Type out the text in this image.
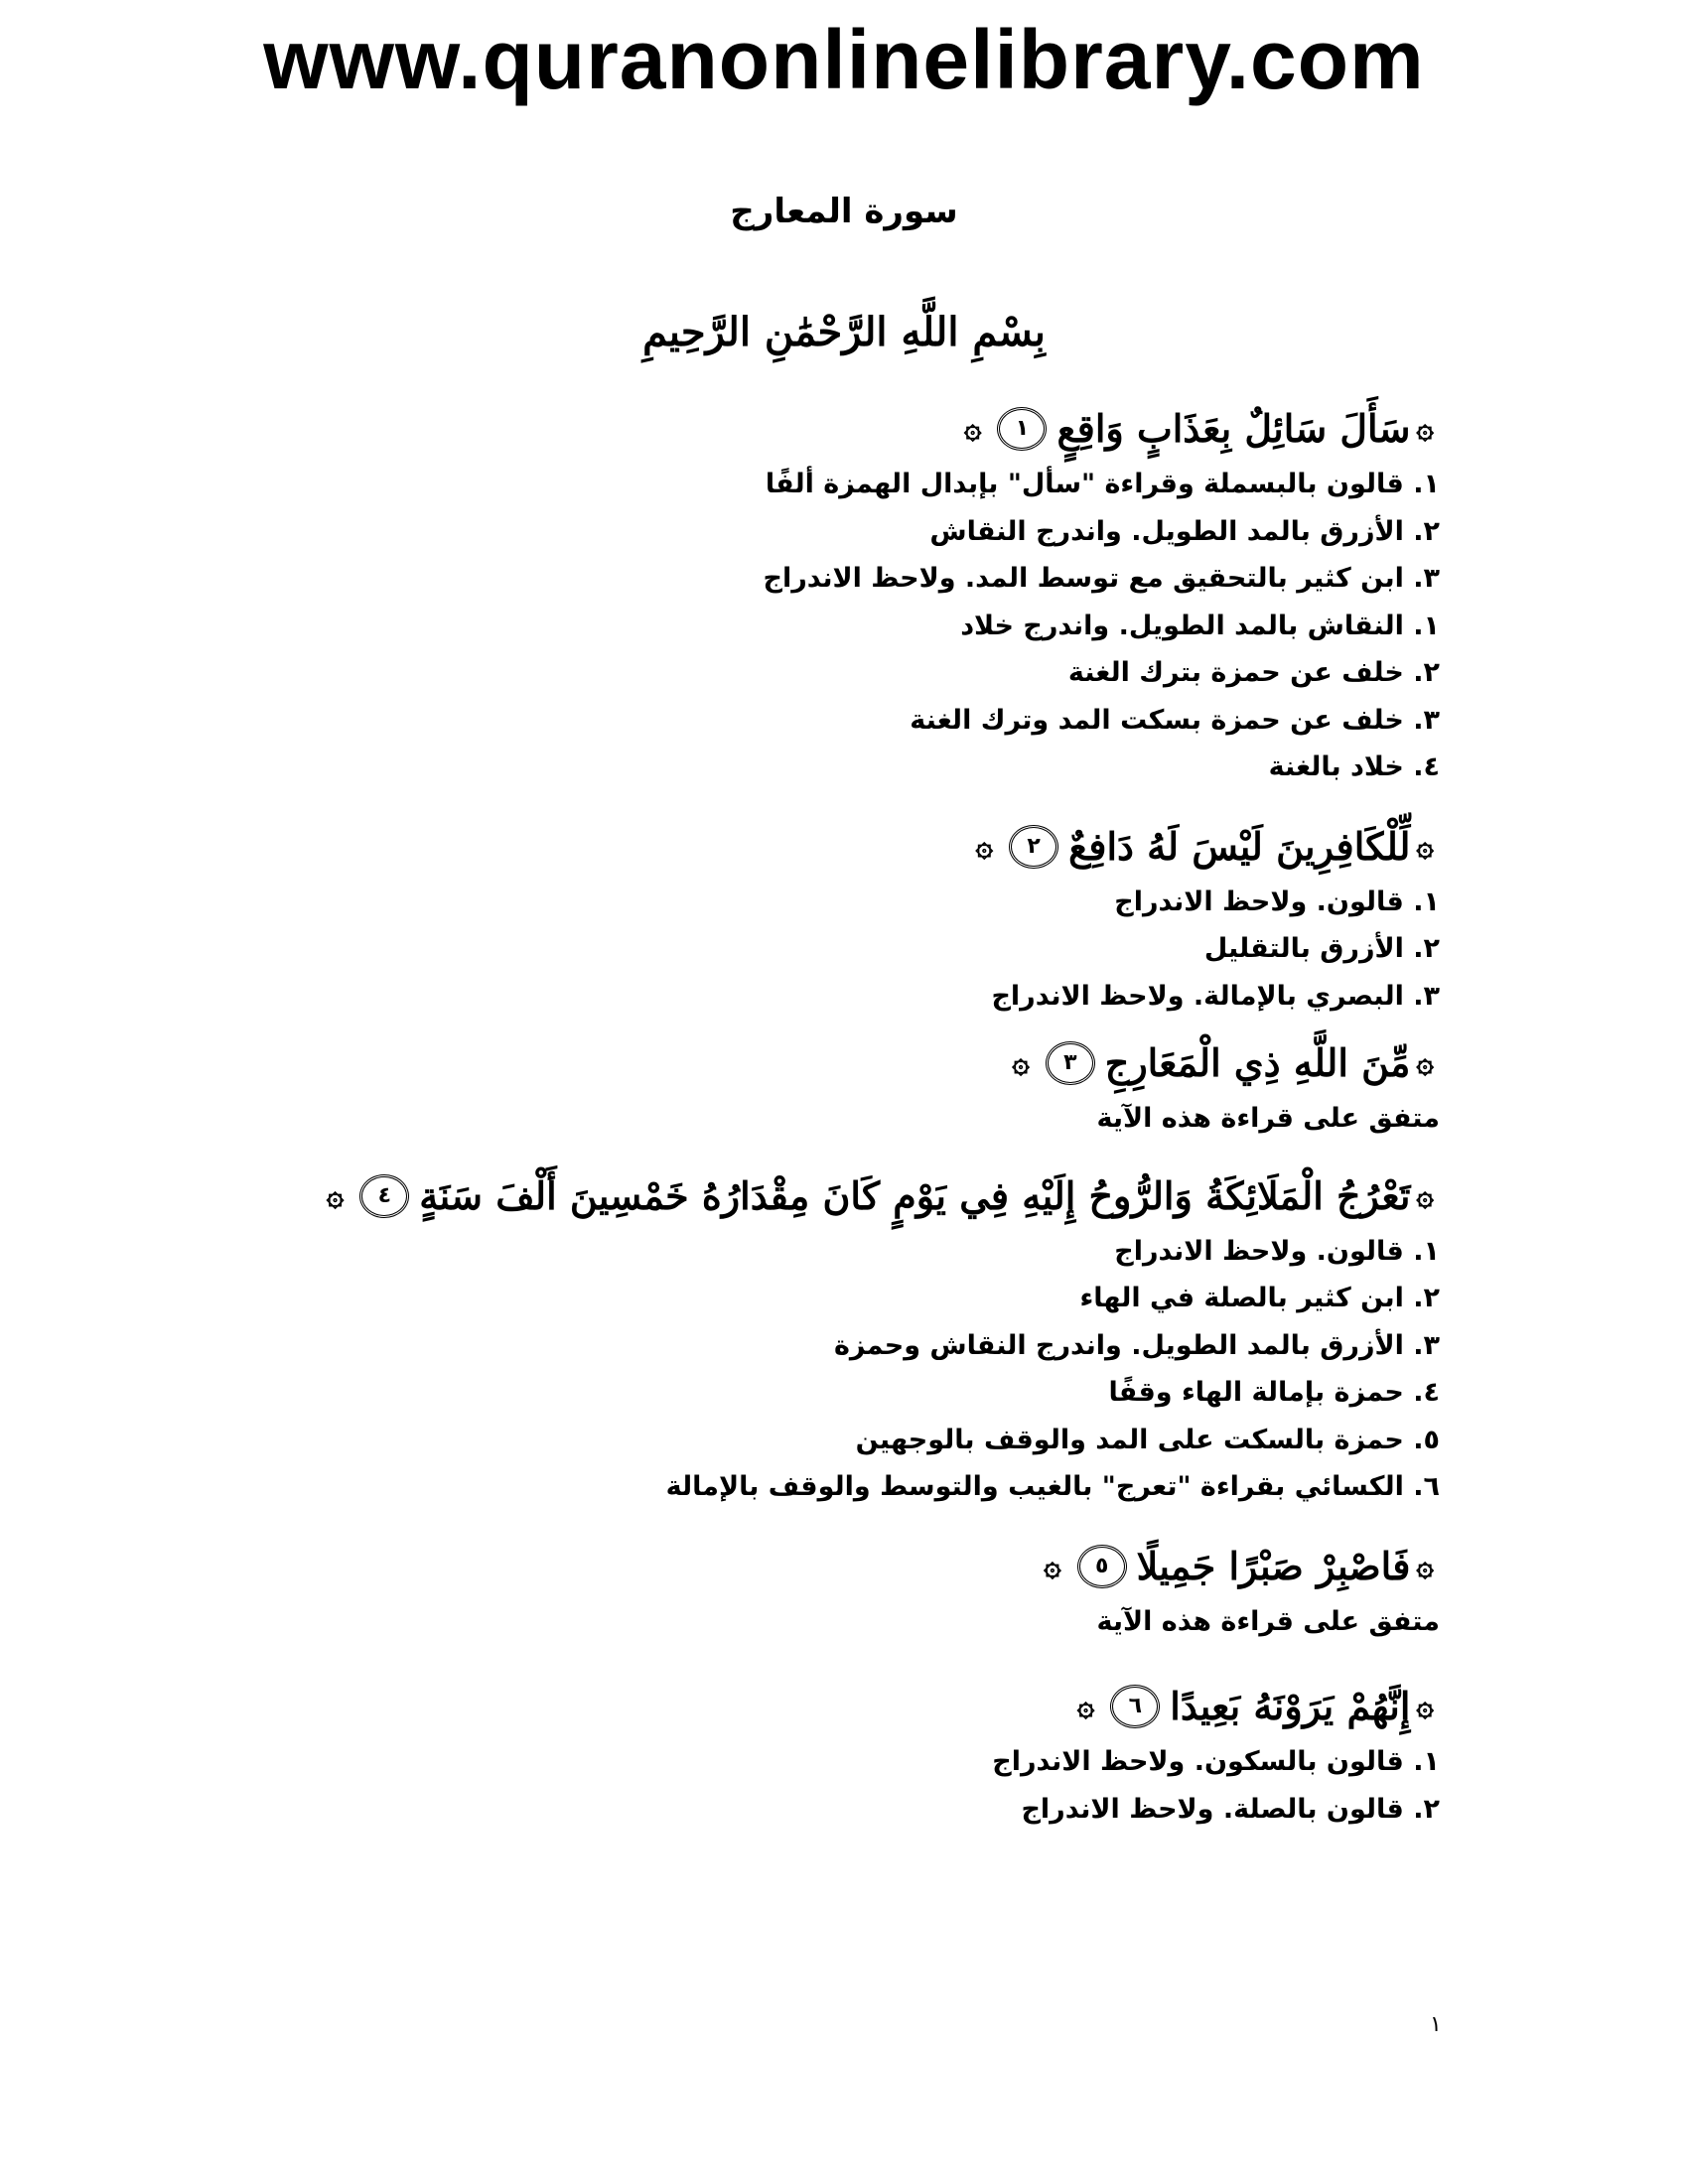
www.quranonlinelibrary.com
سورة المعارج
بِسْمِ اللَّهِ الرَّحْمَٰنِ الرَّحِيمِ
۞
سَأَلَ سَائِلٌ بِعَذَابٍ وَاقِعٍ
١
۞
١. قالون بالبسملة وقراءة "سأل" بإبدال الهمزة ألفًا
٢. الأزرق بالمد الطويل. واندرج النقاش
٣. ابن كثير بالتحقيق مع توسط المد. ولاحظ الاندراج
١. النقاش بالمد الطويل. واندرج خلاد
٢. خلف عن حمزة بترك الغنة
٣. خلف عن حمزة بسكت المد وترك الغنة
٤. خلاد بالغنة
۞
لِّلْكَافِرِينَ لَيْسَ لَهُ دَافِعٌ
٢
۞
١. قالون. ولاحظ الاندراج
٢. الأزرق بالتقليل
٣. البصري بالإمالة. ولاحظ الاندراج
۞
مِّنَ اللَّهِ ذِي الْمَعَارِجِ
٣
۞
متفق على قراءة هذه الآية
۞
تَعْرُجُ الْمَلَائِكَةُ وَالرُّوحُ إِلَيْهِ فِي يَوْمٍ كَانَ مِقْدَارُهُ خَمْسِينَ أَلْفَ سَنَةٍ
٤
۞
١. قالون. ولاحظ الاندراج
٢. ابن كثير بالصلة في الهاء
٣. الأزرق بالمد الطويل. واندرج النقاش وحمزة
٤. حمزة بإمالة الهاء وقفًا
٥. حمزة بالسكت على المد والوقف بالوجهين
٦. الكسائي بقراءة "تعرج" بالغيب والتوسط والوقف بالإمالة
۞
فَاصْبِرْ صَبْرًا جَمِيلًا
٥
۞
متفق على قراءة هذه الآية
۞
إِنَّهُمْ يَرَوْنَهُ بَعِيدًا
٦
۞
١. قالون بالسكون. ولاحظ الاندراج
٢. قالون بالصلة. ولاحظ الاندراج
١
